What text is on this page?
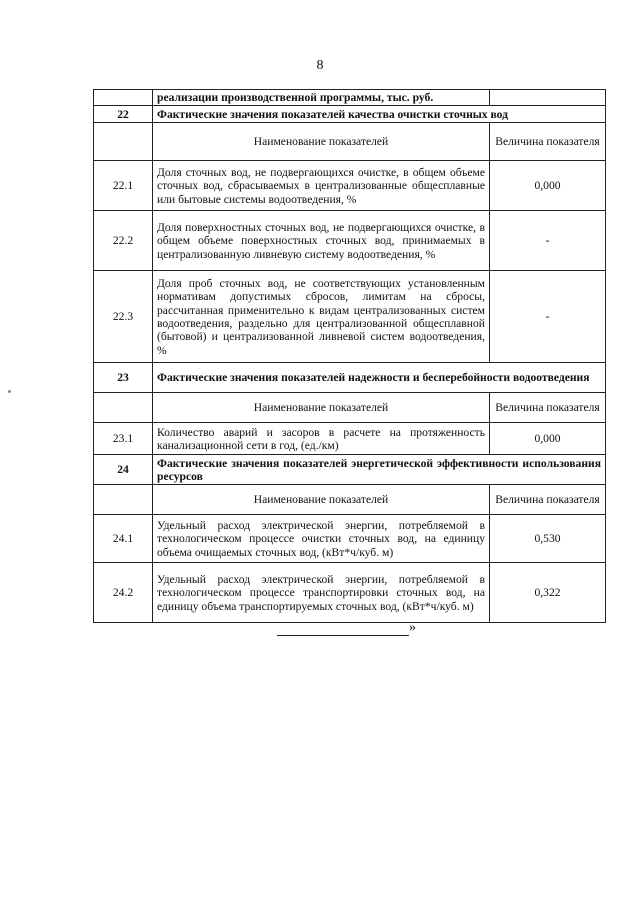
8
	реализации производственной программы, тыс. руб.	
22	Фактические значения показателей качества очистки сточных вод	
	Наименование показателей	Величина показателя
22.1	Доля сточных вод, не подвергающихся очистке, в общем объеме сточных вод, сбрасываемых в централизованные общесплавные или бытовые системы водоотведения, %	0,000
22.2	Доля поверхностных сточных вод, не подвергающихся очистке, в общем объеме поверхностных сточных вод, принимаемых в централизованную ливневую систему водоотведения, %	-
22.3	Доля проб сточных вод, не соответствующих установленным нормативам допустимых сбросов, лимитам на сбросы, рассчитанная применительно к видам централизованных систем водоотведения, раздельно для централизованной общесплавной (бытовой) и централизованной ливневой систем водоотведения, %	-
23	Фактические значения показателей надежности и бесперебойности водоотведения	
	Наименование показателей	Величина показателя
23.1	Количество аварий и засоров в расчете на протяженность канализационной сети в год, (ед./км)	0,000
24	Фактические значения показателей энергетической эффективности использования ресурсов	
	Наименование показателей	Величина показателя
24.1	Удельный расход электрической энергии, потребляемой в технологическом процессе очистки сточных вод, на единицу объема очищаемых сточных вод, (кВт*ч/куб. м)	0,530
24.2	Удельный расход электрической энергии, потребляемой в технологическом процессе транспортировки сточных вод, на единицу объема транспортируемых сточных вод, (кВт*ч/куб. м)	0,322
»
